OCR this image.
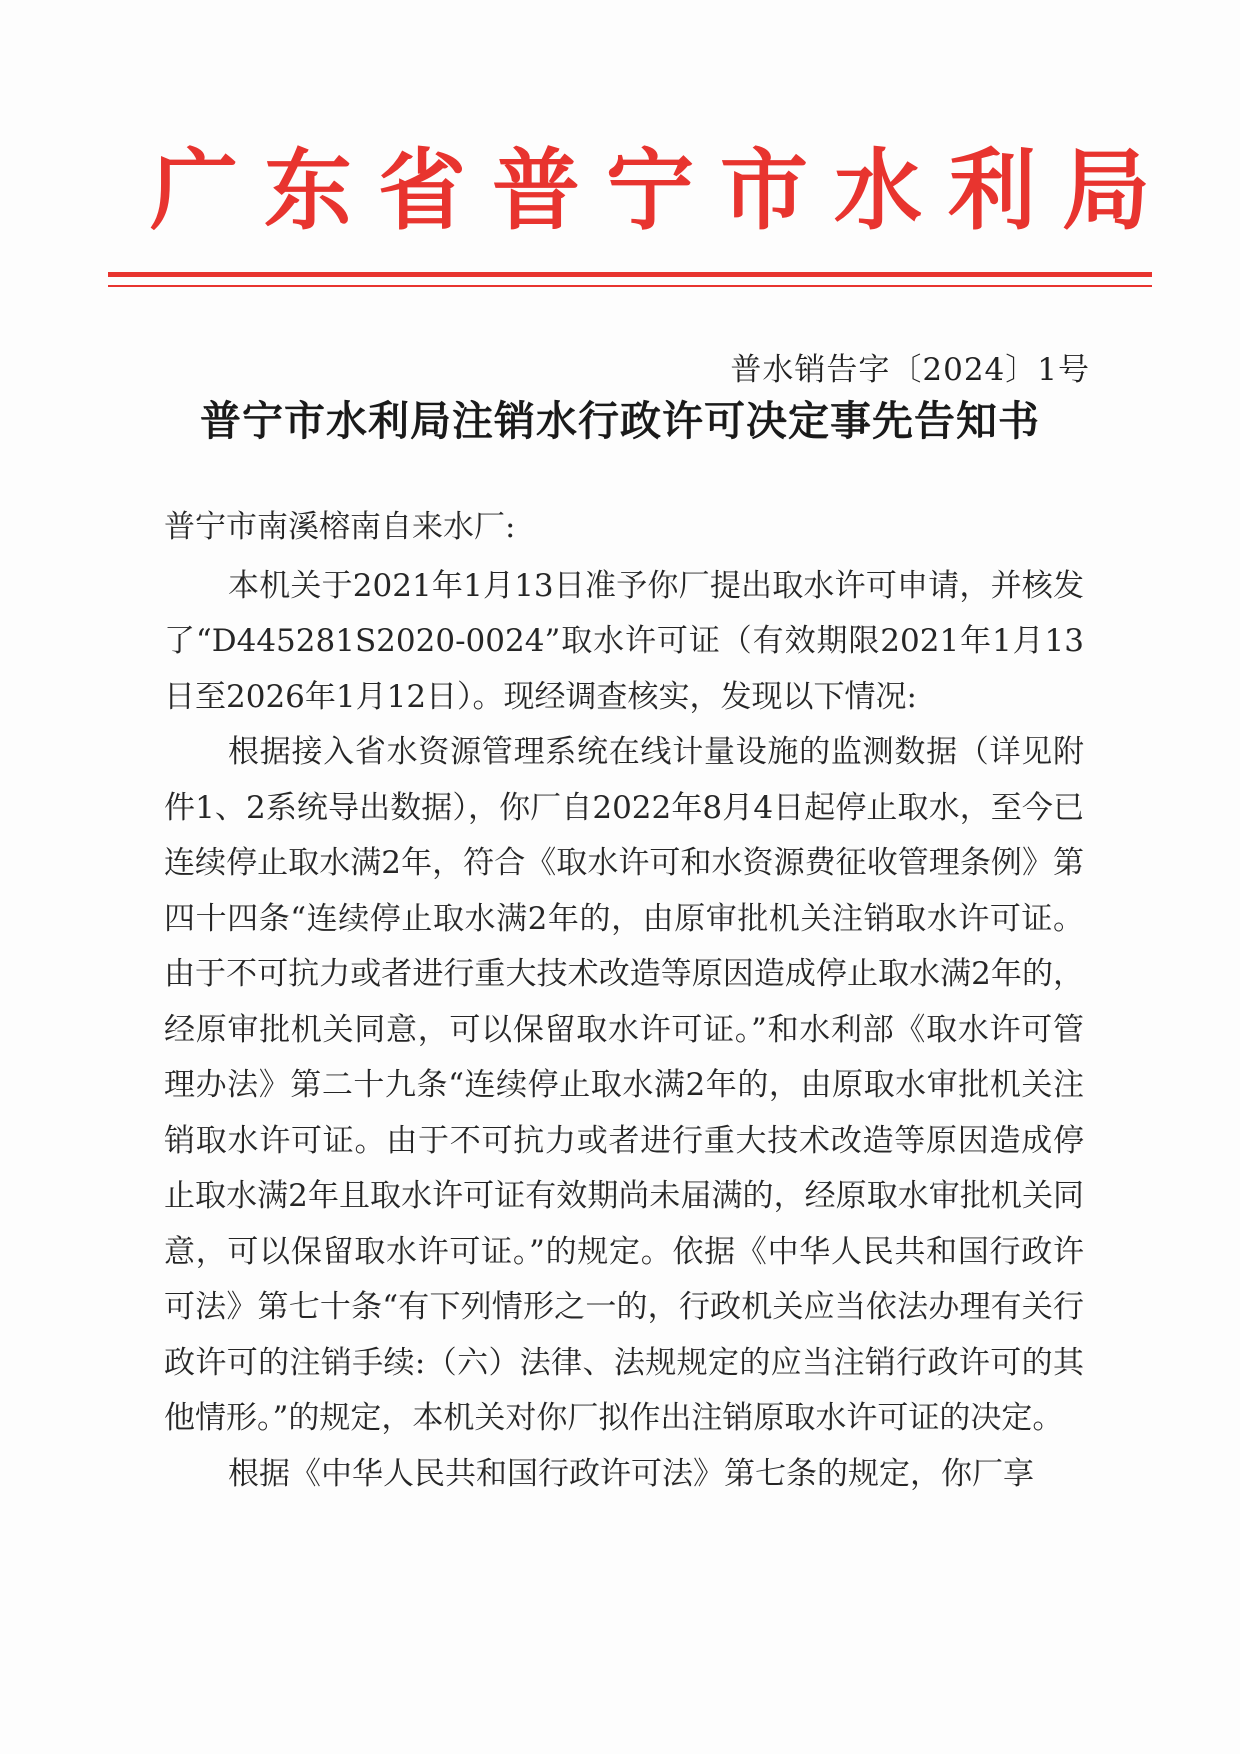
广东省普宁市水利局
普水销告字〔2024〕1号
普宁市水利局注销水行政许可决定事先告知书

普宁市南溪榕南自来水厂:

本机关于2021年1月13日准予你厂提出取水许可申请，并核发了“D445281S2020-0024”取水许可证（有效期限2021年1月13日至2026年1月12日）。现经调查核实，发现以下情况:

根据接入省水资源管理系统在线计量设施的监测数据（详见附件1、2系统导出数据），你厂自2022年8月4日起停止取水，至今已连续停止取水满2年，符合《取水许可和水资源费征收管理条例》第四十四条“连续停止取水满2年的，由原审批机关注销取水许可证。由于不可抗力或者进行重大技术改造等原因造成停止取水满2年的，经原审批机关同意，可以保留取水许可证。”和水利部《取水许可管理办法》第二十九条“连续停止取水满2年的，由原取水审批机关注销取水许可证。由于不可抗力或者进行重大技术改造等原因造成停止取水满2年且取水许可证有效期尚未届满的，经原取水审批机关同意，可以保留取水许可证。”的规定。依据《中华人民共和国行政许可法》第七十条“有下列情形之一的，行政机关应当依法办理有关行政许可的注销手续:（六）法律、法规规定的应当注销行政许可的其他情形。”的规定，本机关对你厂拟作出注销原取水许可证的决定。

根据《中华人民共和国行政许可法》第七条的规定，你厂享
